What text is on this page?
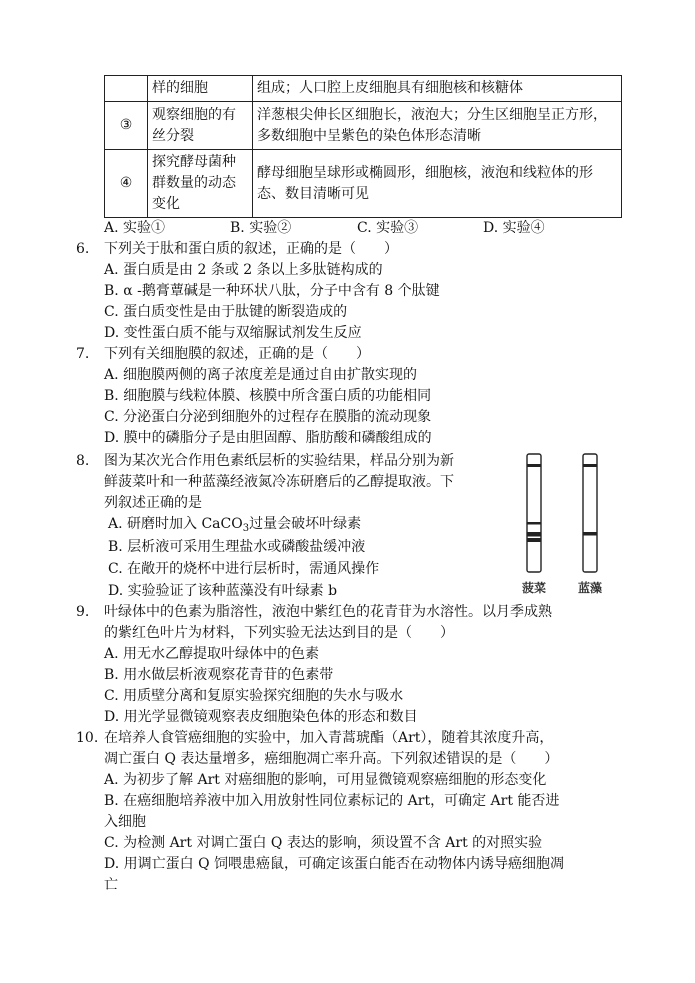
	样的细胞	组成；人口腔上皮细胞具有细胞核和核糖体
③	观察细胞的有丝分裂	洋葱根尖伸长区细胞长，液泡大；分生区细胞呈正方形，多数细胞中呈紫色的染色体形态清晰
④	探究酵母菌种群数量的动态变化	酵母细胞呈球形或椭圆形，细胞核，液泡和线粒体的形态、数目清晰可见
A. 实验①	B. 实验②	C. 实验③	D. 实验④
6. 下列关于肽和蛋白质的叙述，正确的是（　　）
A. 蛋白质是由 2 条或 2 条以上多肽链构成的
B. α -鹅膏蕈碱是一种环状八肽，分子中含有 8 个肽键
C. 蛋白质变性是由于肽键的断裂造成的
D. 变性蛋白质不能与双缩脲试剂发生反应
7. 下列有关细胞膜的叙述，正确的是（　　）
A. 细胞膜两侧的离子浓度差是通过自由扩散实现的
B. 细胞膜与线粒体膜、核膜中所含蛋白质的功能相同
C. 分泌蛋白分泌到细胞外的过程存在膜脂的流动现象
D. 膜中的磷脂分子是由胆固醇、脂肪酸和磷酸组成的
8. 图为某次光合作用色素纸层析的实验结果，样品分别为新
鲜菠菜叶和一种蓝藻经液氮冷冻研磨后的乙醇提取液。下
列叙述正确的是
A. 研磨时加入 CaCO$_3$过量会破坏叶绿素
B. 层析液可采用生理盐水或磷酸盐缓冲液
C. 在敞开的烧杯中进行层析时，需通风操作
D. 实验验证了该种蓝藻没有叶绿素 b	菠菜	蓝藻
9. 叶绿体中的色素为脂溶性，液泡中紫红色的花青苷为水溶性。以月季成熟
的紫红色叶片为材料，下列实验无法达到目的是（　　）
A. 用无水乙醇提取叶绿体中的色素
B. 用水做层析液观察花青苷的色素带
C. 用质壁分离和复原实验探究细胞的失水与吸水
D. 用光学显微镜观察表皮细胞染色体的形态和数目
10. 在培养人食管癌细胞的实验中，加入青蒿琥酯（Art），随着其浓度升高，
凋亡蛋白 Q 表达量增多，癌细胞凋亡率升高。下列叙述错误的是（　　）
A. 为初步了解 Art 对癌细胞的影响，可用显微镜观察癌细胞的形态变化
B. 在癌细胞培养液中加入用放射性同位素标记的 Art，可确定 Art 能否进
入细胞
C. 为检测 Art 对调亡蛋白 Q 表达的影响，须设置不含 Art 的对照实验
D. 用调亡蛋白 Q 饲喂患癌鼠，可确定该蛋白能否在动物体内诱导癌细胞凋
亡
